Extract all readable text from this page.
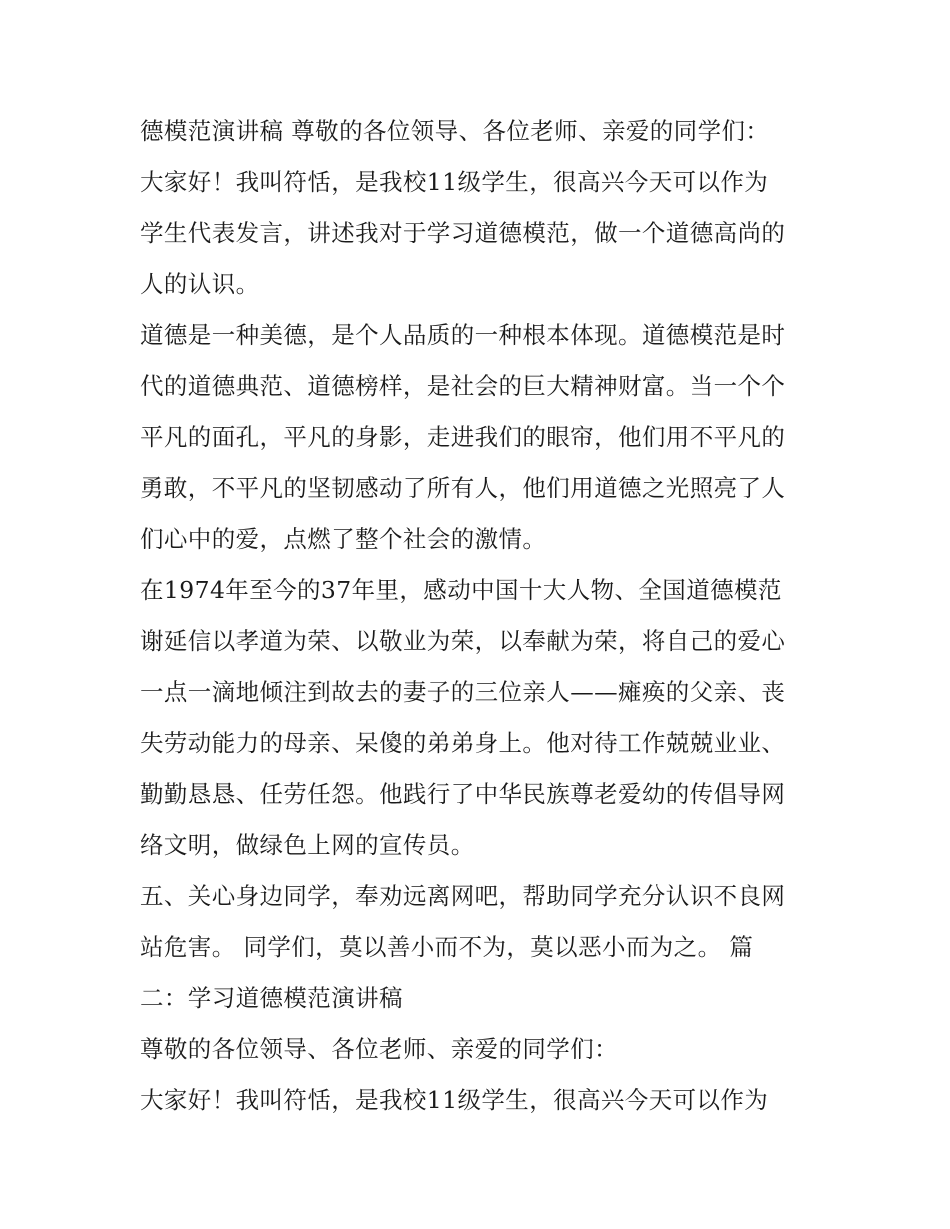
德模范演讲稿 尊敬的各位领导、各位老师、亲爱的同学们：
大家好！我叫符恬，是我校11级学生，很高兴今天可以作为
学生代表发言，讲述我对于学习道德模范，做一个道德高尚的
人的认识。
道德是一种美德，是个人品质的一种根本体现。道德模范是时
代的道德典范、道德榜样，是社会的巨大精神财富。当一个个
平凡的面孔，平凡的身影，走进我们的眼帘，他们用不平凡的
勇敢，不平凡的坚韧感动了所有人，他们用道德之光照亮了人
们心中的爱，点燃了整个社会的激情。
在1974年至今的37年里，感动中国十大人物、全国道德模范
谢延信以孝道为荣、以敬业为荣，以奉献为荣，将自己的爱心
一点一滴地倾注到故去的妻子的三位亲人——瘫痪的父亲、丧
失劳动能力的母亲、呆傻的弟弟身上。他对待工作兢兢业业、
勤勤恳恳、任劳任怨。他践行了中华民族尊老爱幼的传倡导网
络文明，做绿色上网的宣传员。
五、关心身边同学，奉劝远离网吧，帮助同学充分认识不良网
站危害。 同学们，莫以善小而不为，莫以恶小而为之。 篇
二：学习道德模范演讲稿
尊敬的各位领导、各位老师、亲爱的同学们：
大家好！我叫符恬，是我校11级学生，很高兴今天可以作为
